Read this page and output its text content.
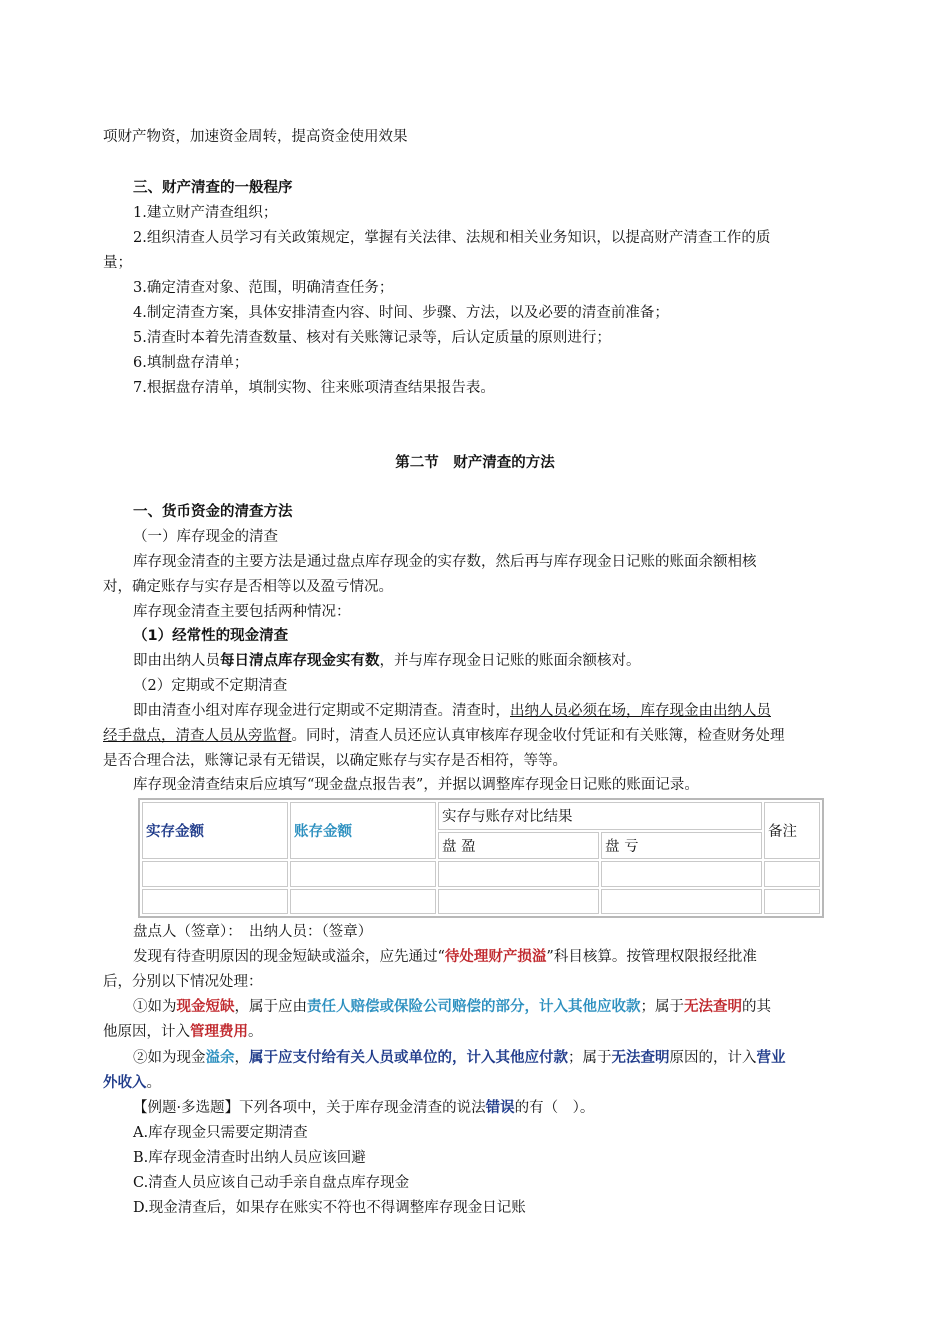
项财产物资，加速资金周转，提高资金使用效果
三、财产清查的一般程序
1.建立财产清查组织；
2.组织清查人员学习有关政策规定，掌握有关法律、法规和相关业务知识，以提高财产清查工作的质
量；
3.确定清查对象、范围，明确清查任务；
4.制定清查方案，具体安排清查内容、时间、步骤、方法，以及必要的清查前准备；
5.清查时本着先清查数量、核对有关账簿记录等，后认定质量的原则进行；
6.填制盘存清单；
7.根据盘存清单，填制实物、往来账项清查结果报告表。
第二节　财产清查的方法
一、货币资金的清查方法
（一）库存现金的清查
库存现金清查的主要方法是通过盘点库存现金的实存数，然后再与库存现金日记账的账面余额相核
对，确定账存与实存是否相等以及盈亏情况。
库存现金清查主要包括两种情况：
（1）经常性的现金清查
即由出纳人员每日清点库存现金实有数，并与库存现金日记账的账面余额核对。
（2）定期或不定期清查
即由清查小组对库存现金进行定期或不定期清查。清查时，出纳人员必须在场，库存现金由出纳人员
经手盘点，清查人员从旁监督。同时，清查人员还应认真审核库存现金收付凭证和有关账簿，检查财务处理
是否合理合法，账簿记录有无错误，以确定账存与实存是否相符，等等。
库存现金清查结束后应填写“现金盘点报告表”，并据以调整库存现金日记账的账面记录。
实存金额	账存金额	实存与账存对比结果		备注
		盘 盈	盘 亏	

盘点人（签章）：　出纳人员：（签章）
发现有待查明原因的现金短缺或溢余，应先通过“待处理财产损溢”科目核算。按管理权限报经批准
后，分别以下情况处理：
①如为现金短缺，属于应由责任人赔偿或保险公司赔偿的部分，计入其他应收款；属于无法查明的其
他原因，计入管理费用。
②如为现金溢余，属于应支付给有关人员或单位的，计入其他应付款；属于无法查明原因的，计入营业
外收入。
【例题·多选题】下列各项中，关于库存现金清查的说法错误的有（　）。
A.库存现金只需要定期清查
B.库存现金清查时出纳人员应该回避
C.清查人员应该自己动手亲自盘点库存现金
D.现金清查后，如果存在账实不符也不得调整库存现金日记账
